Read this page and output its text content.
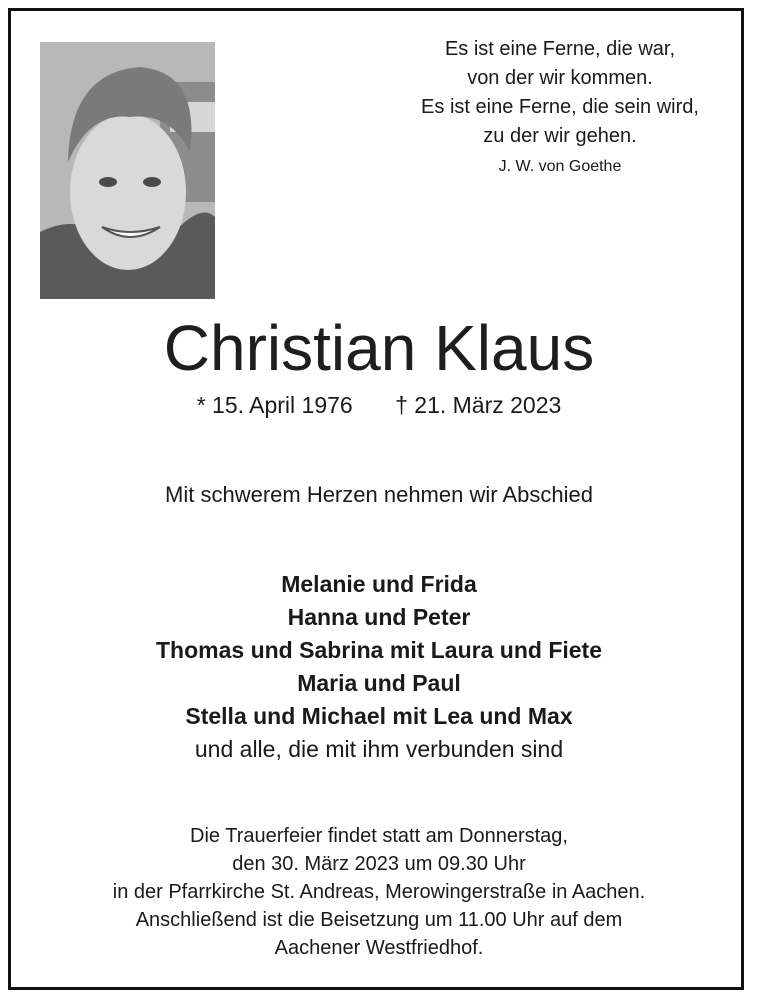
Es ist eine Ferne, die war,
von der wir kommen.
Es ist eine Ferne, die sein wird,
zu der wir gehen.
J. W. von Goethe
Christian Klaus
* 15. April 1976 † 21. März 2023
Mit schwerem Herzen nehmen wir Abschied
Melanie und Frida
Hanna und Peter
Thomas und Sabrina mit Laura und Fiete
Maria und Paul
Stella und Michael mit Lea und Max
und alle, die mit ihm verbunden sind
Die Trauerfeier findet statt am Donnerstag,
den 30. März 2023 um 09.30 Uhr
in der Pfarrkirche St. Andreas, Merowingerstraße in Aachen.
Anschließend ist die Beisetzung um 11.00 Uhr auf dem
Aachener Westfriedhof.
